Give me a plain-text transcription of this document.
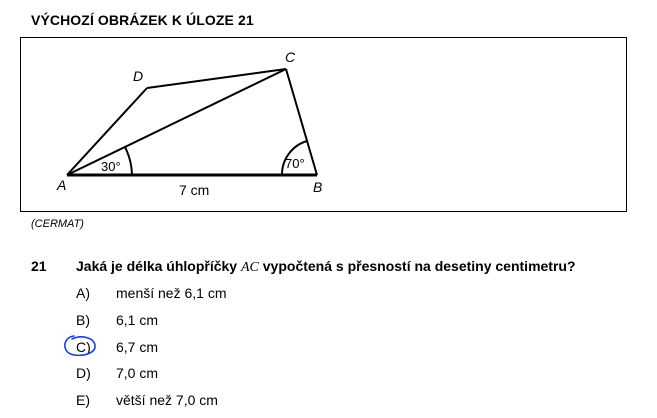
VÝCHOZÍ OBRÁZEK K ÚLOZE 21
A	B
C
D
30°	70°
7 cm
(CERMAT)
21 Jaká je délka úhlopříčky AC vypočtená s přesností na desetiny centimetru?
A) menší než 6,1 cm
B) 6,1 cm
C) 6,7 cm
D) 7,0 cm
E) větší než 7,0 cm
